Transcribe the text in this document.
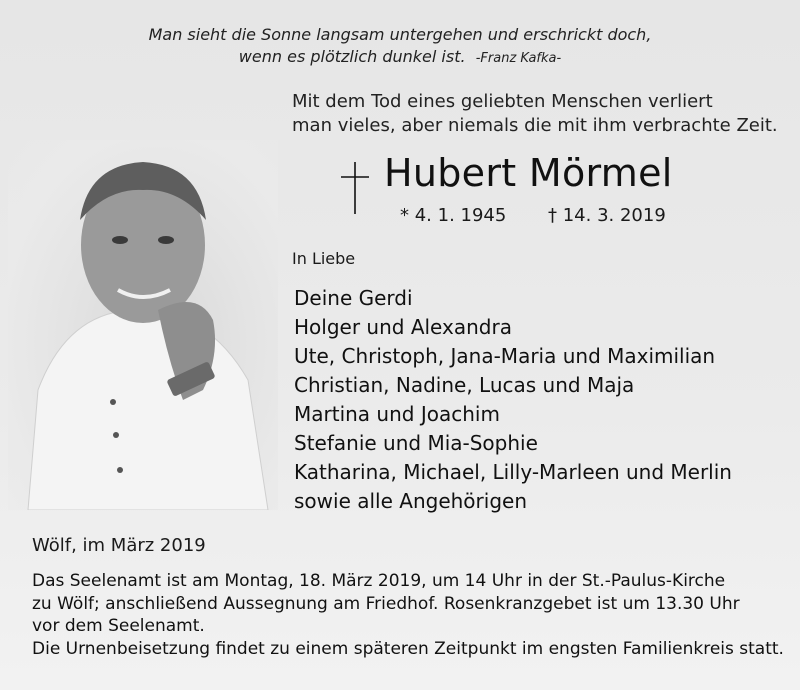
Man sieht die Sonne langsam untergehen und erschrickt doch,
wenn es plötzlich dunkel ist. -Franz Kafka-
Mit dem Tod eines geliebten Menschen verliert
man vieles, aber niemals die mit ihm verbrachte Zeit.
Hubert Mörmel
* 4. 1. 1945 † 14. 3. 2019
In Liebe
Deine Gerdi
Holger und Alexandra
Ute, Christoph, Jana-Maria und Maximilian
Christian, Nadine, Lucas und Maja
Martina und Joachim
Stefanie und Mia-Sophie
Katharina, Michael, Lilly-Marleen und Merlin
sowie alle Angehörigen
Wölf, im März 2019

Das Seelenamt ist am Montag, 18. März 2019, um 14 Uhr in der St.-Paulus-Kirche
zu Wölf; anschließend Aussegnung am Friedhof. Rosenkranzgebet ist um 13.30 Uhr
vor dem Seelenamt.
Die Urnenbeisetzung findet zu einem späteren Zeitpunkt im engsten Familienkreis statt.
